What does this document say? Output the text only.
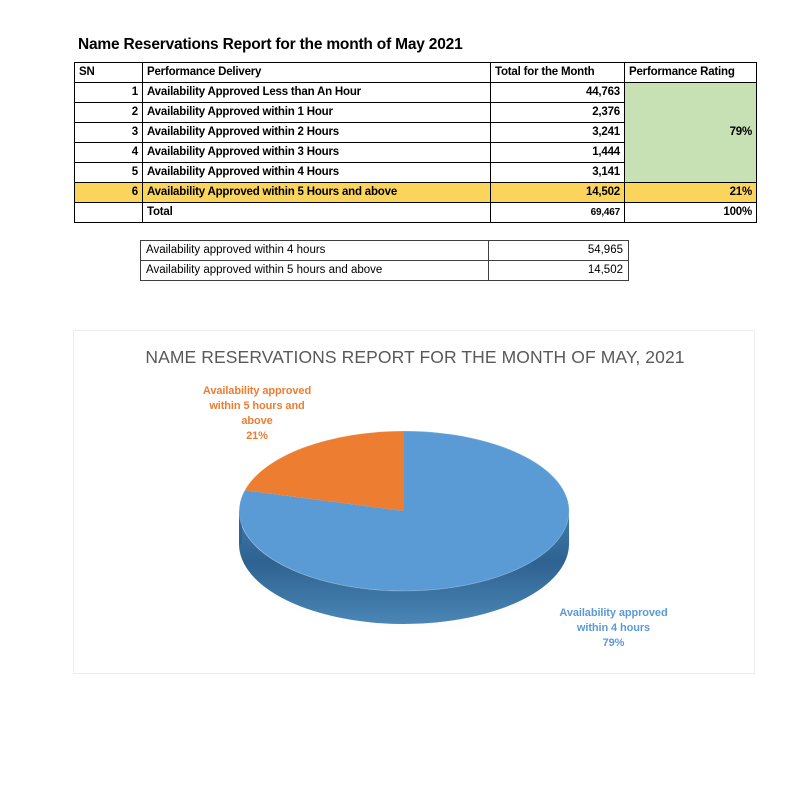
Name Reservations Report for the month of May 2021
SN	Performance Delivery	Total for the Month	Performance Rating
1	Availability Approved Less than An Hour	44,763	79%
2	Availability Approved within 1 Hour	2,376	
3	Availability Approved within 2 Hours	3,241	
4	Availability Approved within 3 Hours	1,444	
5	Availability Approved within 4 Hours	3,141	
6	Availability Approved within 5 Hours and above	14,502	21%
	Total	69,467	100%
Availability approved within 4 hours	54,965
Availability approved within 5 hours and above	14,502
NAME RESERVATIONS REPORT FOR THE MONTH OF MAY, 2021
Availability approved
within 5 hours and
above
21%
Availability approved
within 4 hours
79%
